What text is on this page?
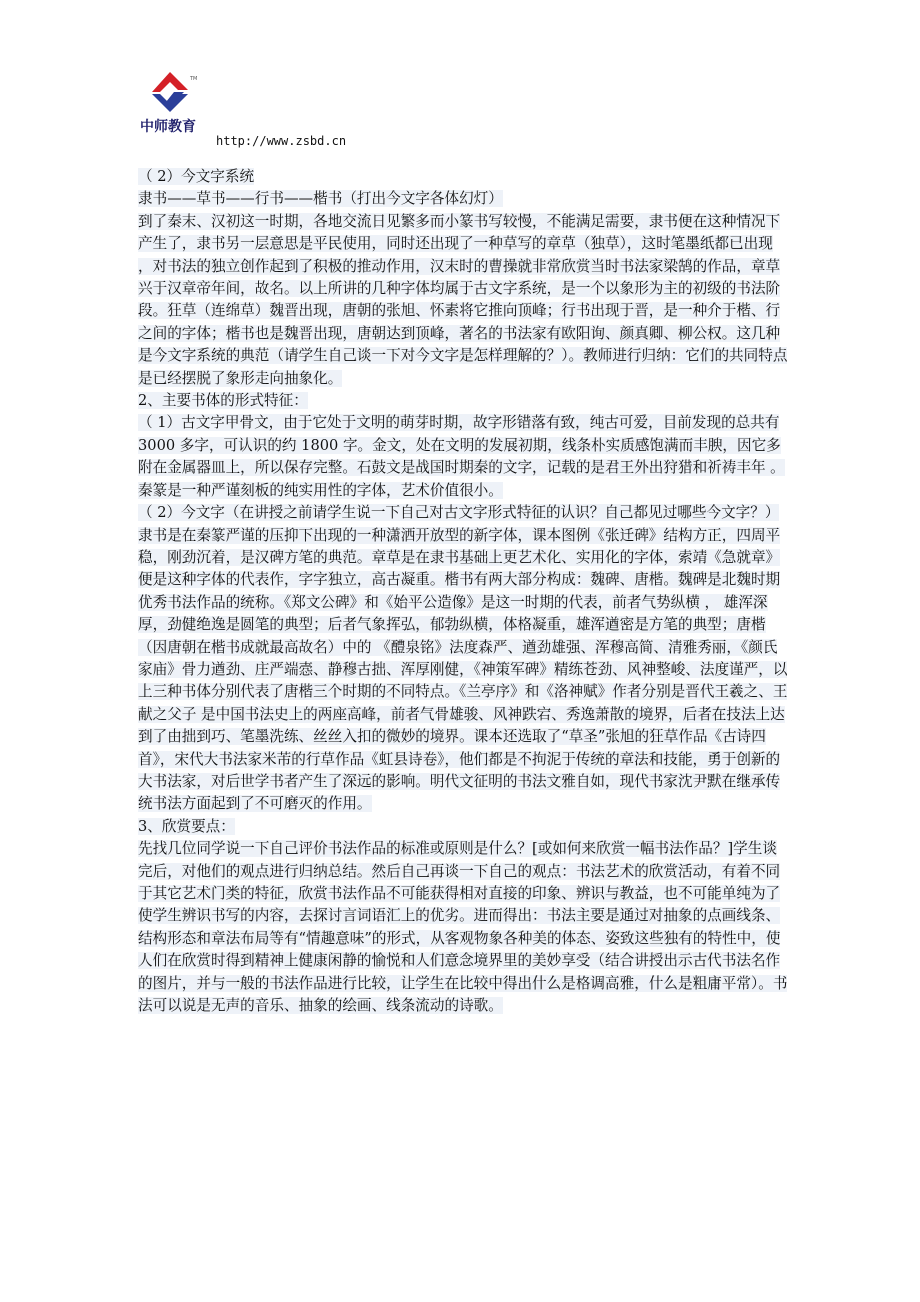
TM
中师教育
http://www.zsbd.cn

（ 2）今文字系统

隶书——草书——行书——楷书（打出今文字各体幻灯）

到了秦末、汉初这一时期，各地交流日见繁多而小篆书写较慢，不能满足需要，隶书便在这种情况下产生了，隶书另一层意思是平民使用，同时还出现了一种草写的章草（独草），这时笔墨纸都已出现 ，对书法的独立创作起到了积极的推动作用，汉末时的曹操就非常欣赏当时书法家梁鹄的作品，章草兴于汉章帝年间，故名。以上所讲的几种字体均属于古文字系统，是一个以象形为主的初级的书法阶段。狂草（连绵草）魏晋出现，唐朝的张旭、怀素将它推向顶峰；行书出现于晋，是一种介于楷、行之间的字体；楷书也是魏晋出现，唐朝达到顶峰，著名的书法家有欧阳询、颜真卿、柳公权。这几种是今文字系统的典范（请学生自己谈一下对今文字是怎样理解的？）。教师进行归纳：它们的共同特点是已经摆脱了象形走向抽象化。

2、主要书体的形式特征：

（ 1）古文字甲骨文，由于它处于文明的萌芽时期，故字形错落有致，纯古可爱，目前发现的总共有 3000 多字，可认识的约 1800 字。金文，处在文明的发展初期，线条朴实质感饱满而丰腴，因它多附在金属器皿上，所以保存完整。石鼓文是战国时期秦的文字，记载的是君王外出狩猎和祈祷丰年 。秦篆是一种严谨刻板的纯实用性的字体，艺术价值很小。

（ 2）今文字（在讲授之前请学生说一下自己对古文字形式特征的认识？自己都见过哪些今文字？）

隶书是在秦篆严谨的压抑下出现的一种潇洒开放型的新字体，课本图例《张迁碑》结构方正，四周平稳，刚劲沉着，是汉碑方笔的典范。章草是在隶书基础上更艺术化、实用化的字体，索靖《急就章》便是这种字体的代表作，字字独立，高古凝重。楷书有两大部分构成：魏碑、唐楷。魏碑是北魏时期优秀书法作品的统称。《郑文公碑》和《始平公造像》是这一时期的代表，前者气势纵横 ， 雄浑深厚，劲健绝逸是圆笔的典型；后者气象挥弘，郁勃纵横，体格凝重，雄浑遒密是方笔的典型；唐楷（因唐朝在楷书成就最高故名）中的 《醴泉铭》法度森严、遒劲雄强、浑穆高简、清雅秀丽，《颜氏家庙》骨力遒劲、庄严端悫、静穆古拙、浑厚刚健，《神策军碑》精练苍劲、风神整峻、法度谨严，以上三种书体分别代表了唐楷三个时期的不同特点。《兰亭序》和《洛神赋》作者分别是晋代王羲之、王献之父子 是中国书法史上的两座高峰，前者气骨雄骏、风神跌宕、秀逸萧散的境界，后者在技法上达到了由拙到巧、笔墨洗练、丝丝入扣的微妙的境界。课本还选取了“草圣”张旭的狂草作品《古诗四首》，宋代大书法家米芾的行草作品《虹县诗卷》，他们都是不拘泥于传统的章法和技能，勇于创新的大书法家，对后世学书者产生了深远的影响。明代文征明的书法文雅自如，现代书家沈尹默在继承传统书法方面起到了不可磨灭的作用。

3、欣赏要点：

先找几位同学说一下自己评价书法作品的标准或原则是什么？[或如何来欣赏一幅书法作品？]学生谈完后，对他们的观点进行归纳总结。然后自己再谈一下自己的观点：书法艺术的欣赏活动，有着不同于其它艺术门类的特征，欣赏书法作品不可能获得相对直接的印象、辨识与教益，也不可能单纯为了使学生辨识书写的内容，去探讨言词语汇上的优劣。进而得出：书法主要是通过对抽象的点画线条、结构形态和章法布局等有“情趣意味”的形式，从客观物象各种美的体态、姿致这些独有的特性中，使人们在欣赏时得到精神上健康闲静的愉悦和人们意念境界里的美妙享受（结合讲授出示古代书法名作的图片，并与一般的书法作品进行比较，让学生在比较中得出什么是格调高雅，什么是粗庸平常）。书法可以说是无声的音乐、抽象的绘画、线条流动的诗歌。
